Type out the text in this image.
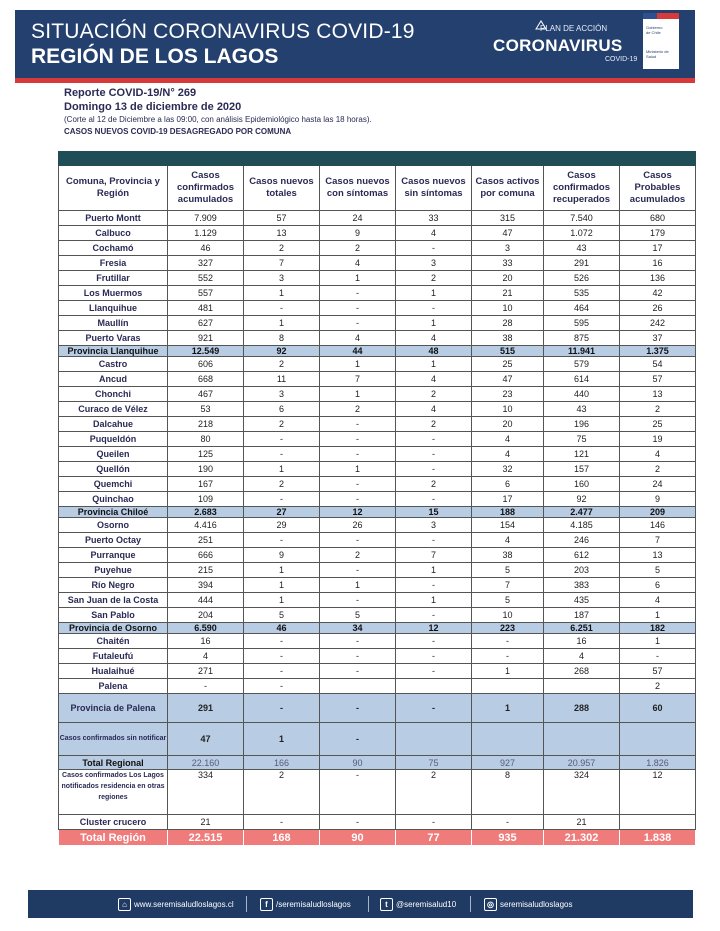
SITUACIÓN CORONAVIRUS COVID-19
REGIÓN DE LOS LAGOS
PLAN DE ACCIÓN
CORONAVIRUS
COVID-19
Gobierno
de Chile
Ministerio de Salud
Reporte COVID-19/N° 269
Domingo 13 de diciembre de 2020
(Corte al 12 de Diciembre a las 09:00, con análisis Epidemiológico hasta las 18 horas).
CASOS NUEVOS COVID-19 DESAGREGADO POR COMUNA

Comuna, Provincia y Región	Casos confirmados acumulados	Casos nuevos totales	Casos nuevos con síntomas	Casos nuevos sin síntomas	Casos activos por comuna	Casos confirmados recuperados	Casos Probables acumulados
Puerto Montt	7.909	57	24	33	315	7.540	680
Calbuco	1.129	13	9	4	47	1.072	179
Cochamó	46	2	2	-	3	43	17
Fresia	327	7	4	3	33	291	16
Frutillar	552	3	1	2	20	526	136
Los Muermos	557	1	-	1	21	535	42
Llanquihue	481	-	-	-	10	464	26
Maullín	627	1	-	1	28	595	242
Puerto Varas	921	8	4	4	38	875	37
Provincia Llanquihue	12.549	92	44	48	515	11.941	1.375
Castro	606	2	1	1	25	579	54
Ancud	668	11	7	4	47	614	57
Chonchi	467	3	1	2	23	440	13
Curaco de Vélez	53	6	2	4	10	43	2
Dalcahue	218	2	-	2	20	196	25
Puqueldón	80	-	-	-	4	75	19
Queilen	125	-	-	-	4	121	4
Quellón	190	1	1	-	32	157	2
Quemchi	167	2	-	2	6	160	24
Quinchao	109	-	-	-	17	92	9
Provincia Chiloé	2.683	27	12	15	188	2.477	209
Osorno	4.416	29	26	3	154	4.185	146
Puerto Octay	251	-	-	-	4	246	7
Purranque	666	9	2	7	38	612	13
Puyehue	215	1	-	1	5	203	5
Río Negro	394	1	1	-	7	383	6
San Juan de la Costa	444	1	-	1	5	435	4
San Pablo	204	5	5	-	10	187	1
Provincia de Osorno	6.590	46	34	12	223	6.251	182
Chaitén	16	-	-	-	-	16	1
Futaleufú	4	-	-	-	-	4	-
Hualaihué	271	-	-	-	1	268	57
Palena	-	-					2
Provincia de Palena	291	-	-	-	1	288	60
Casos confirmados sin notificar	47	1	-				
Total Regional	22.160	166	90	75	927	20.957	1.826
Casos confirmados Los Lagos notificados residencia en otras regiones	334	2	-	2	8	324	12
Cluster crucero	21	-	-	-	-	21	
Total Región	22.515	168	90	77	935	21.302	1.838
⌂ www.seremisaludloslagos.cl	f	/seremisaludloslagos	t	@seremisalud10	◎ seremisaludloslagos
